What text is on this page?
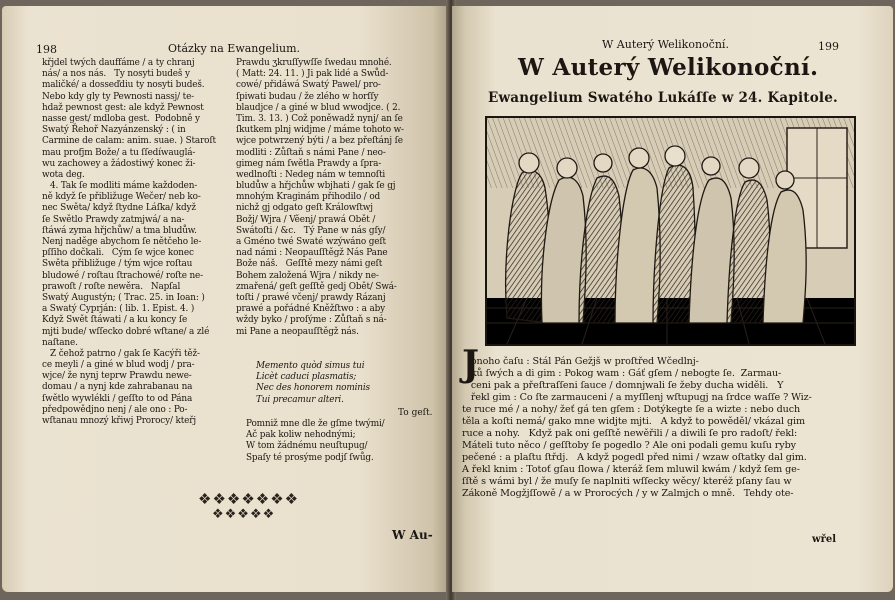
198	Otázky na Ewangelium.
křjdel twých dauffáme / a ty chranj
nás/ a nos nás.   Ty nosyti budeš y
maličké/ a dosseďdiu ty nosyti budeš.
Nebo kdy gly ty Pewnosti nassj/ te-
hdaž pewnost gest: ale když Pewnost
nasse gest/ mdloba gest.  Podobně y
Swatý Řehoř Nazyánzenský : ( in
Carmine de calam: anim. suae. ) Staroſt
mau profjm Bože/ a tu ſſedíwauglá-
wu zachowey a žádostiwý konec ži-
wota deg.
4. Tak ſe modliti máme každoden-
ně když ſe přibližuge Wečer/ neb ko-
nec Swěta/ když ſtydne Láſka/ když
ſe Swětlo Prawdy zatmjwá/ a na-
ſtáwá zyma hřjchůw/ a tma bludůw.
Nenj naděge abychom ſe nětčeho le-
pſſiho dočkali.   Cým ſe wjce konec
Swěta přibližuge / tým wjce roſtau
bludowé / roſtau ſtrachowé/ roſte ne-
prawoſt / roſte newěra.   Napſal
Swatý Augustýn; ( Trac. 25. in Ioan: )
a Swatý Cyprján: ( lib. 1. Epist. 4. )
Když Swět ſtáwati / a ku koncy ſe
mjti bude/ wſſecko dobré wſtane/ a zlé
naſtane.
Z čehož patrno / gak ſe Kacýři těž-
ce meyli / a giné w blud wodj / pra-
wjce/ že nynj teprw Prawdu newe-
domau / a nynj kde zahrabanau na
ſwětlo wywlékli / geſſto to od Pána
předpowědjno nenj / ale ono : Po-
wſtanau mnozý křiwj Prorocy/ kteřj
Prawdu ʒkruſſywſſe ſwedau mnohé.
( Matt: 24. 11. ) Ji pak lidé a Swůd-
cowé/ přidáwá Swatý Pawel/ pro-
ſpiwati budau / že zlého w horſſy
blaudjce / a giné w blud wwodjce. ( 2.
Tim. 3. 13. ) Což poněwadž nynj/ an ſe
ſkutkem plnj widjme / máme tohoto w-
wjce potwrzený býti / a bez přeſtánj ſe
modliti : Zůſtaň s námi Pane / neo-
gimeg nám ſwětla Prawdy a ſpra-
wedlnoſti : Nedeg nám w temnoſti
bludůw a hřjchůw wbjhati / gak ſe gj
mnohým Kraginám přihodilo / od
nichž gj odgato geſt Králowſtwj
Božj/ Wjra / Věenj/ prawá Obět /
Swátoſti / &c.   Tý Pane w nás gſy/
a Gméno twé Swaté wzýwáno geſt
nad námi : Neopauſſtěgž Nás Pane
Bože náš.   Geſſtě mezy námi geſt
Bohem založená Wjra / nikdy ne-
zmařená/ geſt geſſtě gedj Obět/ Swá-
toſti / prawé včenj/ prawdy Rázanj
prawé a pořádné Kněžſtwo : a aby
wždy byko / proſýme : Zůſtaň s ná-
mi Pane a neopauſſtěgž nás.
Memento quòd simus tui
Licèt caduci plasmatis;
Nec des honorem nominis
Tui precamur alteri.
To geſt.
Pomniž mne dle že gſme twými/
Ač pak koliw nehodnými;
W tom žádnému neuſtupug/
Spaſy té prosýme podjſ ſwůg.
❖❖❖❖❖❖❖
❖❖❖❖❖
W Au-
W Auterý Welikonoční.	199
W Auterý Welikonoční.
Ewangelium Swatého Lukáſſe w 24. Kapitole.
J
onoho čaſu : Stál Pán Gežjš w proſtřed Wčedlnj-
ků ſwých a di gim : Pokog wam : Gáť gſem / nebogte ſe.  Zarmau-
ceni pak a přeſtraſſeni ſauce / domnjwali ſe žeby ducha widěli.   Y
řekl gim : Co ſte zarmauceni / a myſſlenj wſtupugj na ſrdce waſſe ? Wiz-
te ruce mé / a nohy/ žeť gá ten gſem : Dotýkegte ſe a wizte : nebo duch
těla a koſti nemá/ gako mne widjte mjti.   A když to powěděl/ vkázal gim
ruce a nohy.   Když pak oni geſſtě newěřili / a diwili ſe pro radoſt/ řekl:
Máteli tuto něco / geſſtoby ſe pogedlo ? Ale oni podali gemu kuſu ryby
pečené : a plaſtu ſtřdj.   A když pogedl před nimi / wzaw oſtatky dal gim.
A řekl knim : Totoť gſau ſlowa / kteráž ſem mluwil kwám / když ſem ge-
ſſtě s wámi byl / že muſy ſe naplniti wſſecky wěcy/ kteréž pſany ſau w
Zákoně Mogžjſſowě / a w Prorocých / y w Zalmjch o mně.   Tehdy ote-
wřel
